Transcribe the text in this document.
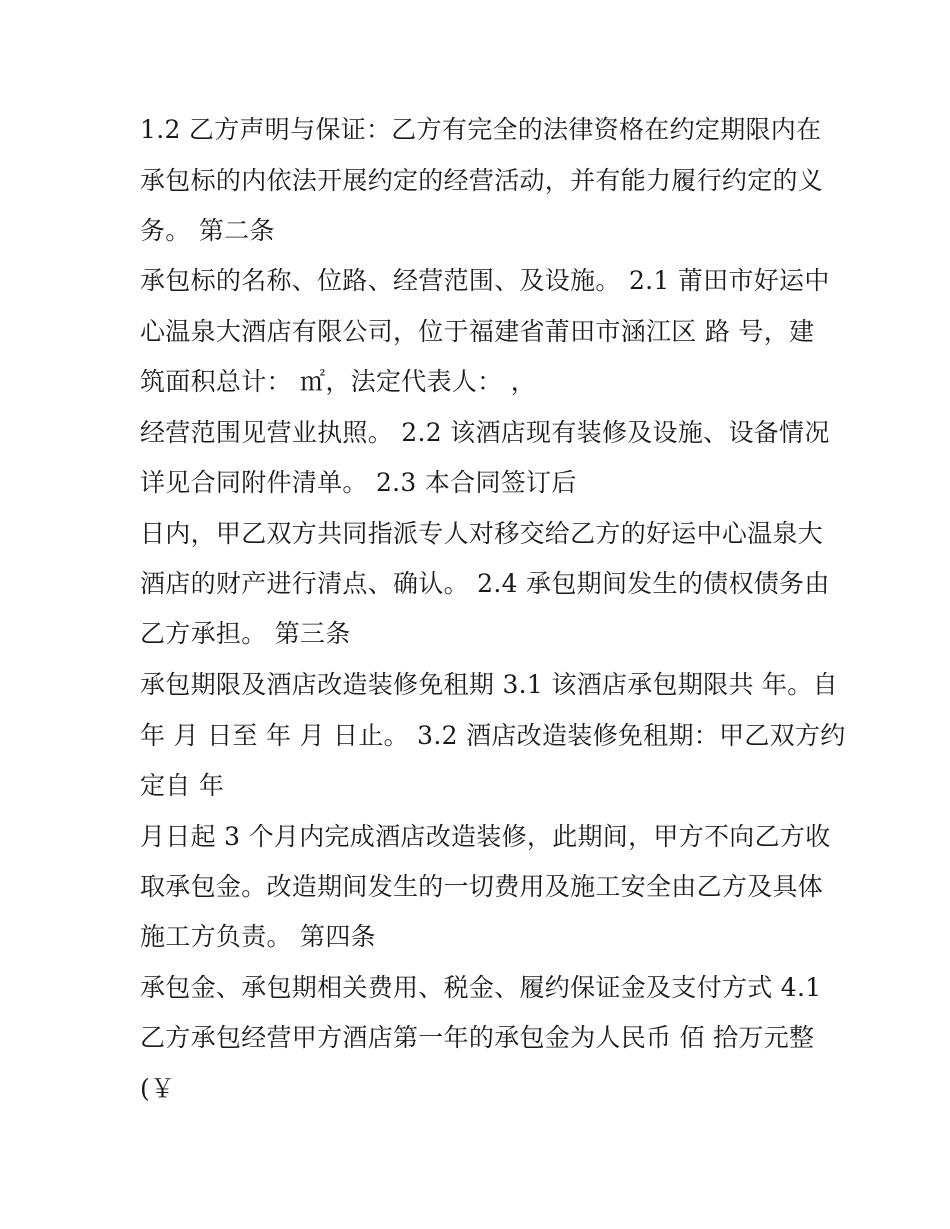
1.2 乙方声明与保证：乙方有完全的法律资格在约定期限内在
承包标的内依法开展约定的经营活动，并有能力履行约定的义
务。 第二条
承包标的名称、位路、经营范围、及设施。 2.1 莆田市好运中
心温泉大酒店有限公司，位于福建省莆田市涵江区 路 号，建
筑面积总计： ㎡，法定代表人： ，
经营范围见营业执照。 2.2 该酒店现有装修及设施、设备情况
详见合同附件清单。 2.3 本合同签订后
日内，甲乙双方共同指派专人对移交给乙方的好运中心温泉大
酒店的财产进行清点、确认。 2.4 承包期间发生的债权债务由
乙方承担。 第三条
承包期限及酒店改造装修免租期 3.1 该酒店承包期限共 年。自
年 月 日至 年 月 日止。 3.2 酒店改造装修免租期：甲乙双方约
定自 年
月日起 3 个月内完成酒店改造装修，此期间，甲方不向乙方收
取承包金。改造期间发生的一切费用及施工安全由乙方及具体
施工方负责。 第四条
承包金、承包期相关费用、税金、履约保证金及支付方式 4.1
乙方承包经营甲方酒店第一年的承包金为人民币 佰 拾万元整
(￥
